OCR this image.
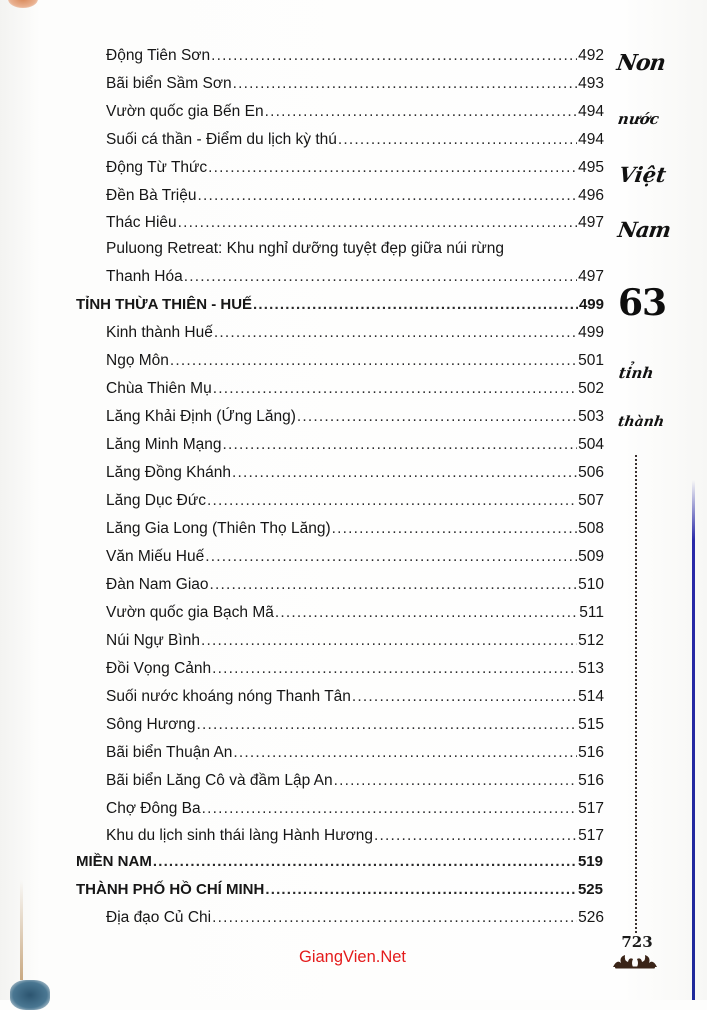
Động Tiên Sơn .....	492
Bãi biển Sầm Sơn .....	493
Vườn quốc gia Bến En .....	494
Suối cá thần - Điểm du lịch kỳ thú .....	494
Động Từ Thức .....	495
Đền Bà Triệu .....	496
Thác Hiêu .....	497
Puluong Retreat: Khu nghỉ dưỡng tuyệt đẹp giữa núi rừng
Thanh Hóa .....	497
TỈNH THỪA THIÊN - HUẾ .....	499
Kinh thành Huế .....	499
Ngọ Môn .....	501
Chùa Thiên Mụ .....	502
Lăng Khải Định (Ứng Lăng) .....	503
Lăng Minh Mạng .....	504
Lăng Đồng Khánh .....	506
Lăng Dục Đức .....	507
Lăng Gia Long (Thiên Thọ Lăng) .....	508
Văn Miếu Huế .....	509
Đàn Nam Giao .....	510
Vườn quốc gia Bạch Mã .....	511
Núi Ngự Bình .....	512
Đồi Vọng Cảnh .....	513
Suối nước khoáng nóng Thanh Tân .....	514
Sông Hương .....	515
Bãi biển Thuận An .....	516
Bãi biển Lăng Cô và đầm Lập An .....	516
Chợ Đông Ba .....	517
Khu du lịch sinh thái làng Hành Hương .....	517
MIỀN NAM .....	519
THÀNH PHỐ HỒ CHÍ MINH .....	525
Địa đạo Củ Chi .....	526
Non
nước
Việt
Nam
63
tỉnh
thành
723
GiangVien.Net
